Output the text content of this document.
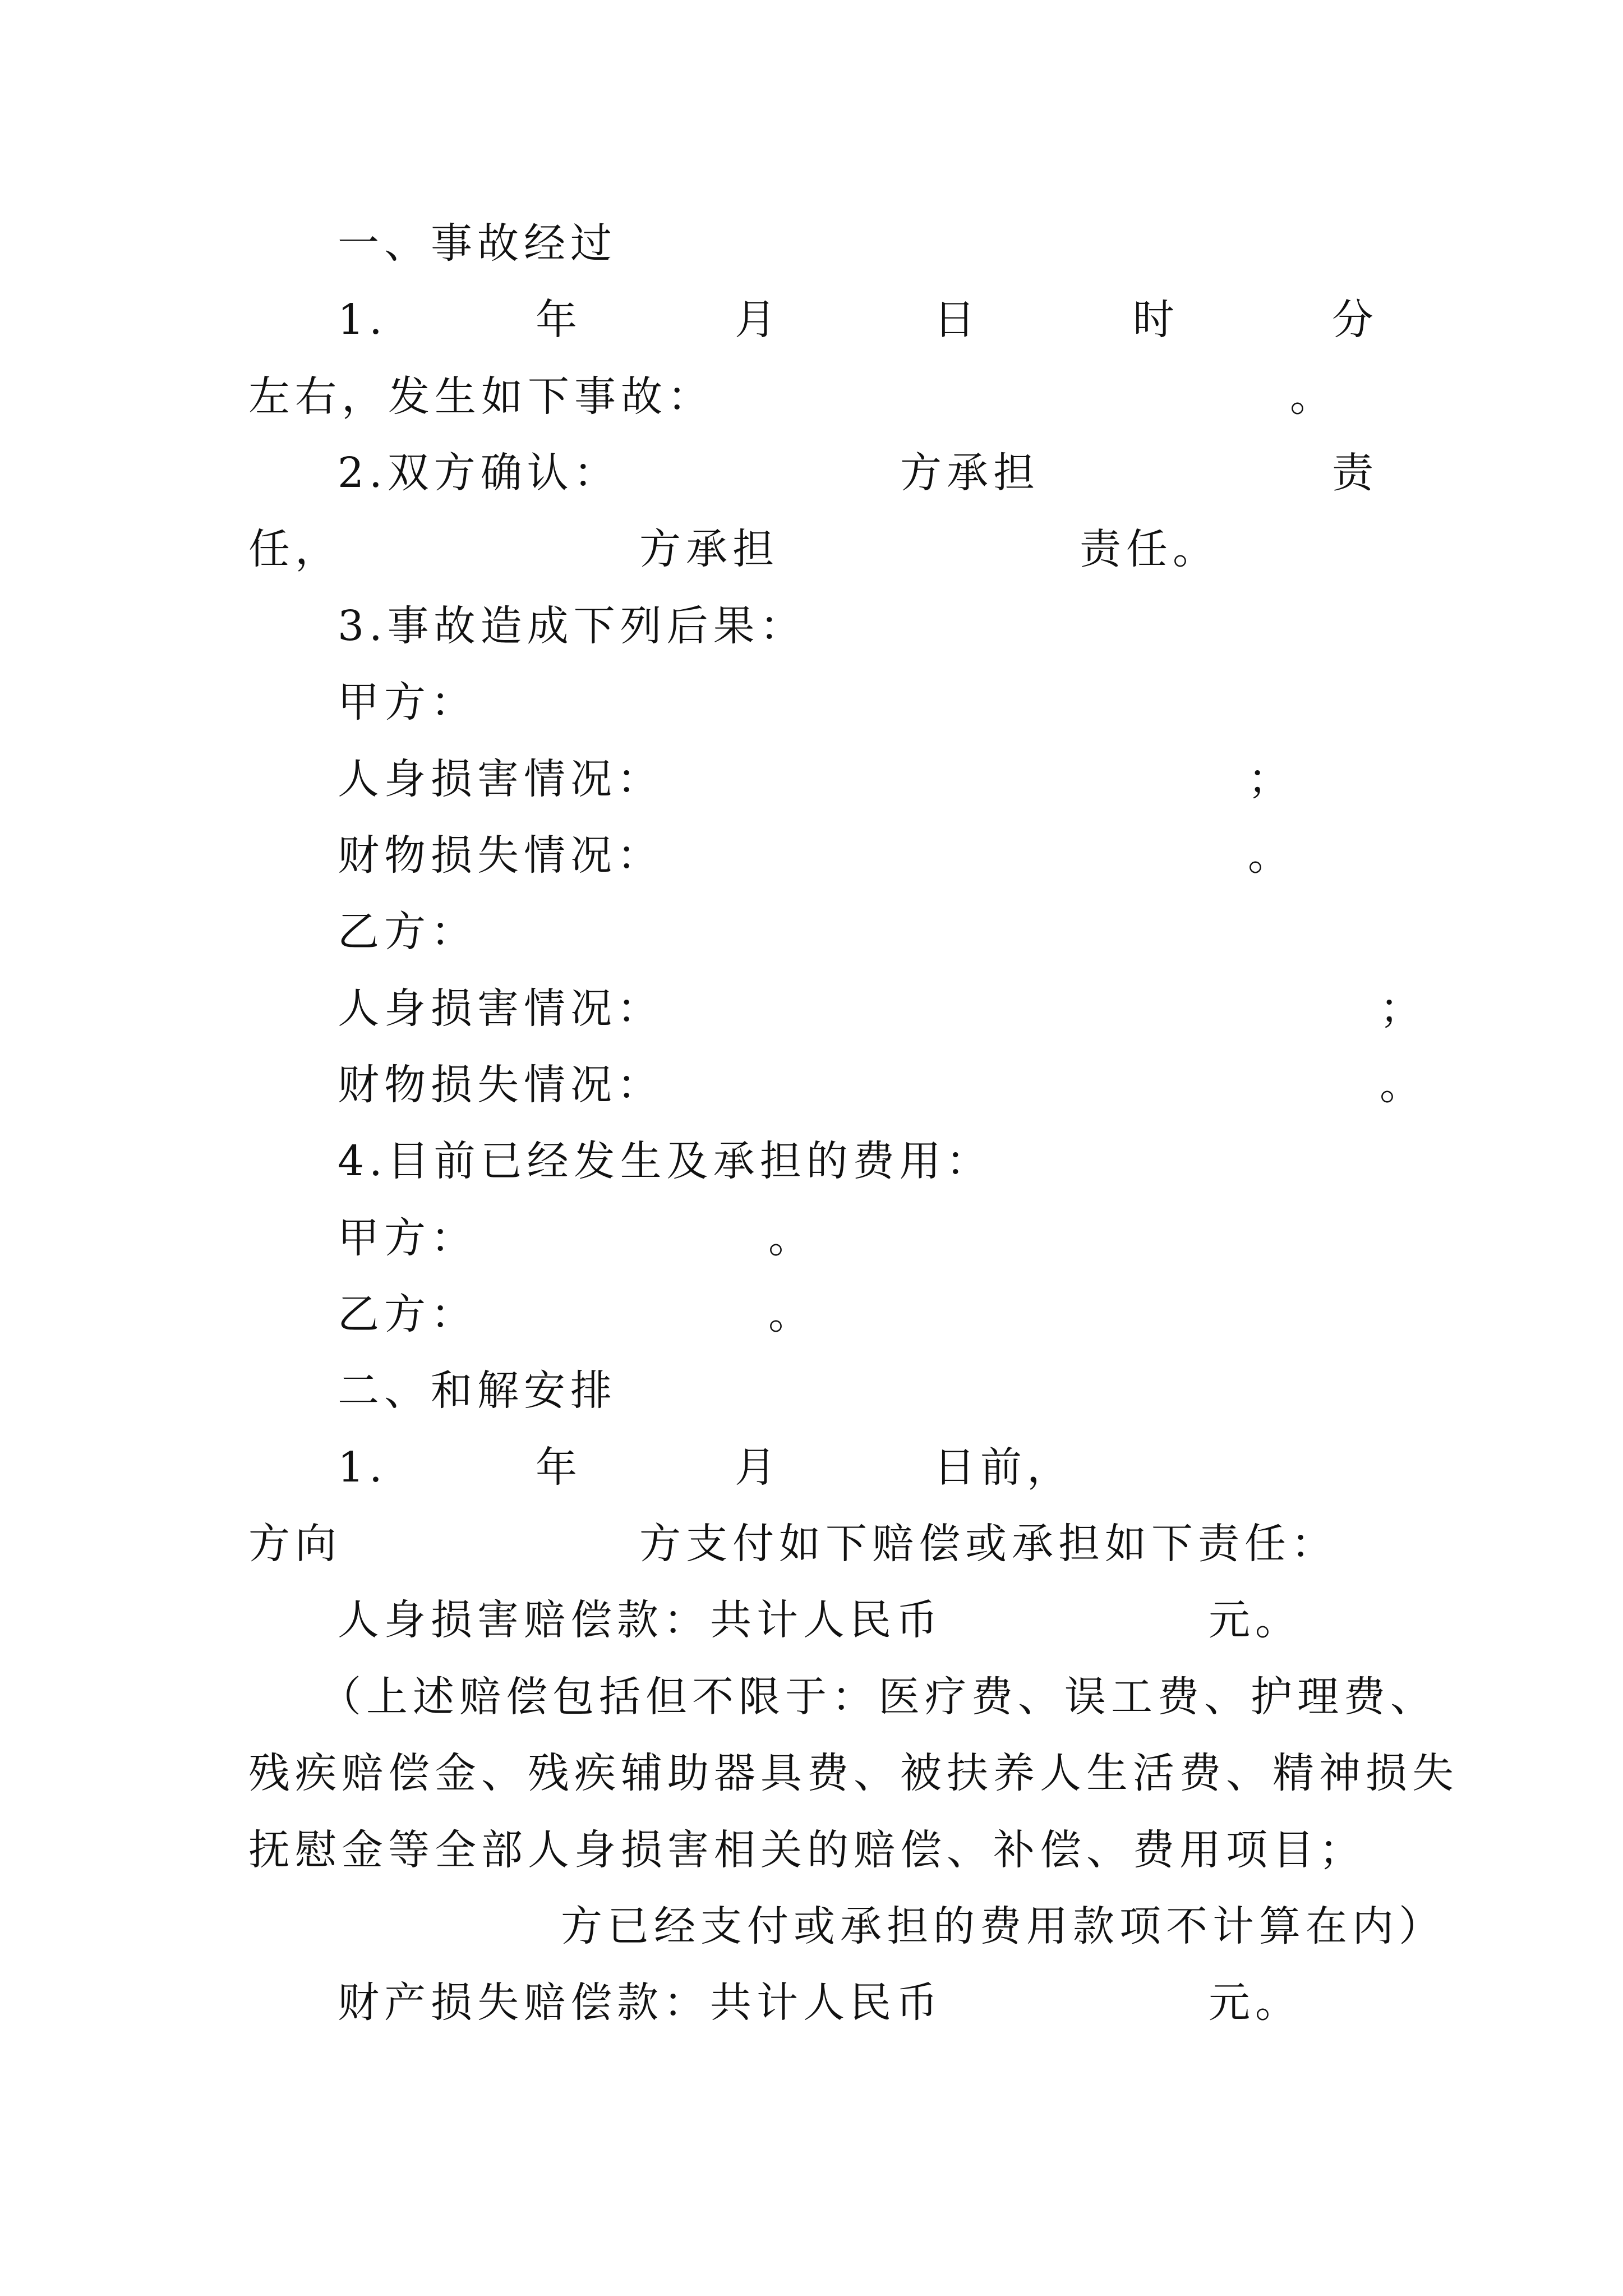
一、事故经过
1.	年	月	日	时	分
左右，发生如下事故：	。
2.双方确认：	方承担	责
任，	方承担	责任。
3.事故造成下列后果：
甲方：
人身损害情况：	；
财物损失情况：	。
乙方：
人身损害情况：	；
财物损失情况：	。
4.目前已经发生及承担的费用：
甲方：	。
乙方：	。
二、和解安排
1.	年	月	日前，
方向	方支付如下赔偿或承担如下责任：
人身损害赔偿款：共计人民币	元。
（上述赔偿包括但不限于：医疗费、误工费、护理费、
残疾赔偿金、残疾辅助器具费、被扶养人生活费、精神损失
抚慰金等全部人身损害相关的赔偿、补偿、费用项目；
方已经支付或承担的费用款项不计算在内）
财产损失赔偿款：共计人民币	元。
